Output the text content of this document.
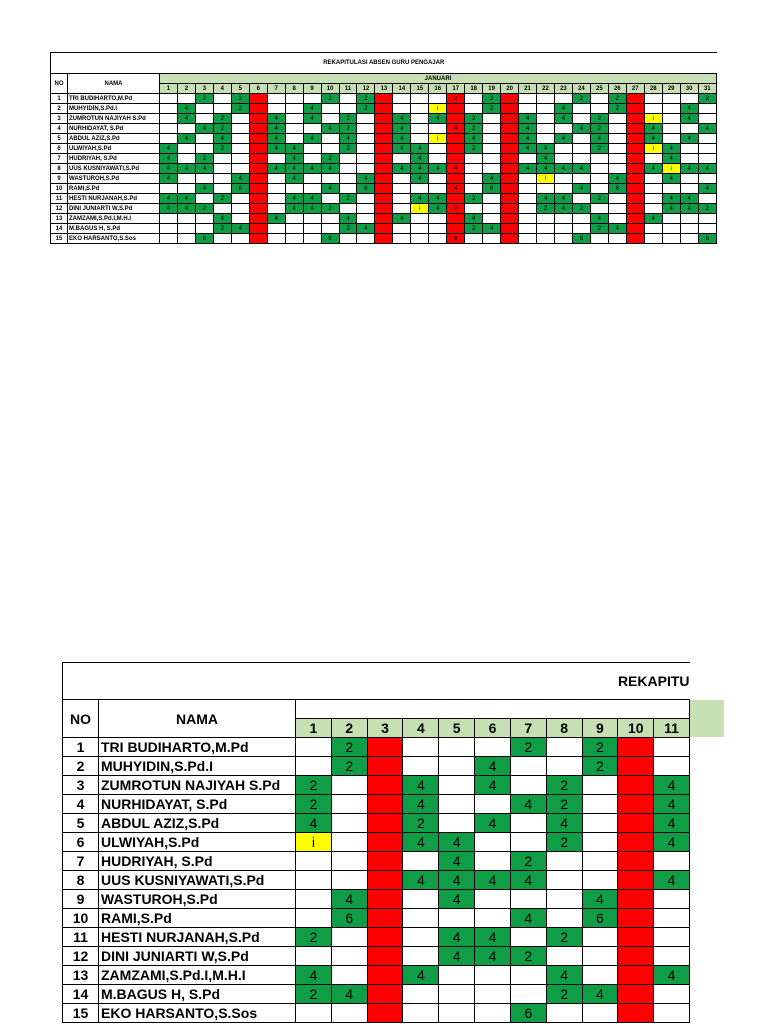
REKAPITULASI ABSEN GURU PENGAJAR																																
NO	NAMA	JANUARI																														
		1	2	3	4	5	6	7	8	9	10	11	12	13	14	15	16	17	18	19	20	21	22	23	24	25	26	27	28	29	30	31
1	TRI BUDIHARTO,M.Pd			2		2					2		2					2		2					2		2					2
2	MUHYIDIN,S.Pd.I		4			2				4			2				i			2				4			2				4	
3	ZUMROTUN NAJIYAH S.Pd		4		2			4		4		2			4		4		2			4		4		2			i		4	
4	NURHIDAYAT, S.Pd			4	2			4			4	2			4			4	2			4			4	2			4			4
5	ABDUL AZIZ,S.Pd		4		4			4		4		4			4		i		4			4		4		4			4		4	
6	ULWIYAH,S.Pd	4			2			4	4			2			4	4			2			4	4			2			i	4		
7	HUDRIYAH, S.Pd	4		2					4		2					4							4							4		
8	UUS KUSNIYAWATI,S.Pd	4	4	4				4	4	4	4				4	4	4	4				4	4	4	4				4	i	4	4
9	WASTUROH,S.Pd	4				4			4				4			4				4			i				4			4		
10	RAMI,S.Pd			4		6					4		6					4		6					4		6					4
11	HESTI NURJANAH,S.Pd	4	4		2				4	4		2				4	4		2				4	4		2				4	4	
12	DINI JUNIARTI W,S.Pd	4	4	2					4	4	2					i	4	2					2	4	2					4	4	2
13	ZAMZAMI,S.Pd.I,M.H.I				4			4				4			4				4							4			4			
14	M.BAGUS H, S.Pd				2	4						2	4						2	4						2	4					
15	EKO HARSANTO,S.Sos			6							6							6							6							6
REKAPITU												
NO	NAMA											
		1	2	3	4	5	6	7	8	9	10	11
1	TRI BUDIHARTO,M.Pd		2					2		2		
2	MUHYIDIN,S.Pd.I		2				4			2		
3	ZUMROTUN NAJIYAH S.Pd	2			4		4		2			4
4	NURHIDAYAT, S.Pd	2			4			4	2			4
5	ABDUL AZIZ,S.Pd	4			2		4		4			4
6	ULWIYAH,S.Pd	i			4	4			2			4
7	HUDRIYAH, S.Pd					4		2				
8	UUS KUSNIYAWATI,S.Pd				4	4	4	4				4
9	WASTUROH,S.Pd		4			4				4		
10	RAMI,S.Pd		6					4		6		
11	HESTI NURJANAH,S.Pd	2				4	4		2			
12	DINI JUNIARTI W,S.Pd					4	4	2				
13	ZAMZAMI,S.Pd.I,M.H.I	4			4				4			4
14	M.BAGUS H, S.Pd	2	4						2	4		
15	EKO HARSANTO,S.Sos							6				
